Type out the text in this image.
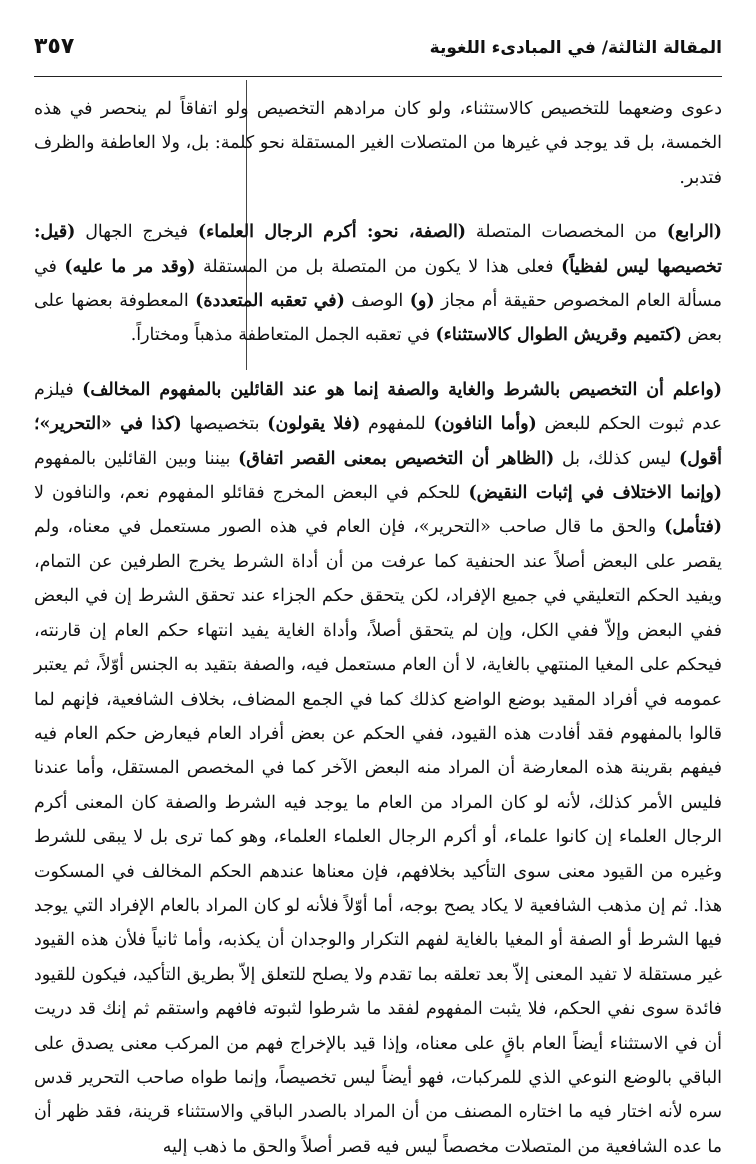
المقالة الثالثة/ في المبادىء اللغوية
٣٥٧

دعوى وضعهما للتخصيص كالاستثناء، ولو كان مرادهم التخصيص ولو اتفاقاً لم ينحصر في هذه الخمسة، بل قد يوجد في غيرها من المتصلات الغير المستقلة نحو كلمة: بل، ولا العاطفة والظرف فتدبر.

(الرابع) من المخصصات المتصلة (الصفة، نحو: أكرم الرجال العلماء) فيخرج الجهال (قيل: تخصيصها ليس لفظياً) فعلى هذا لا يكون من المتصلة بل من المستقلة (وقد مر ما عليه) في مسألة العام المخصوص حقيقة أم مجاز (و) الوصف (في تعقبه المتعددة) المعطوفة بعضها على بعض (كتميم وقريش الطوال كالاستثناء) في تعقبه الجمل المتعاطفة مذهباً ومختاراً.

(واعلم أن التخصيص بالشرط والغاية والصفة إنما هو عند القائلين بالمفهوم المخالف) فيلزم عدم ثبوت الحكم للبعض (وأما النافون) للمفهوم (فلا يقولون) بتخصيصها (كذا في «التحرير»؛ أقول) ليس كذلك، بل (الظاهر أن التخصيص بمعنى القصر اتفاق) بيننا وبين القائلين بالمفهوم (وإنما الاختلاف في إثبات النقيض) للحكم في البعض المخرج فقائلو المفهوم نعم، والنافون لا (فتأمل) والحق ما قال صاحب «التحرير»، فإن العام في هذه الصور مستعمل في معناه، ولم يقصر على البعض أصلاً عند الحنفية كما عرفت من أن أداة الشرط يخرج الطرفين عن التمام، ويفيد الحكم التعليقي في جميع الإفراد، لكن يتحقق حكم الجزاء عند تحقق الشرط إن في البعض ففي البعض وإلاّ ففي الكل، وإن لم يتحقق أصلاً، وأداة الغاية يفيد انتهاء حكم العام إن قارنته، فيحكم على المغيا المنتهي بالغاية، لا أن العام مستعمل فيه، والصفة بتقيد به الجنس أوّلاً، ثم يعتبر عمومه في أفراد المقيد بوضع الواضع كذلك كما في الجمع المضاف، بخلاف الشافعية، فإنهم لما قالوا بالمفهوم فقد أفادت هذه القيود، ففي الحكم عن بعض أفراد العام فيعارض حكم العام فيه فيفهم بقرينة هذه المعارضة أن المراد منه البعض الآخر كما في المخصص المستقل، وأما عندنا فليس الأمر كذلك، لأنه لو كان المراد من العام ما يوجد فيه الشرط والصفة كان المعنى أكرم الرجال العلماء إن كانوا علماء، أو أكرم الرجال العلماء العلماء، وهو كما ترى بل لا يبقى للشرط وغيره من القيود معنى سوى التأكيد بخلافهم، فإن معناها عندهم الحكم المخالف في المسكوت هذا. ثم إن مذهب الشافعية لا يكاد يصح بوجه، أما أوّلاً فلأنه لو كان المراد بالعام الإفراد التي يوجد فيها الشرط أو الصفة أو المغيا بالغاية لفهم التكرار والوجدان أن يكذبه، وأما ثانياً فلأن هذه القيود غير مستقلة لا تفيد المعنى إلاّ بعد تعلقه بما تقدم ولا يصلح للتعلق إلاّ بطريق التأكيد، فيكون للقيود فائدة سوى نفي الحكم، فلا يثبت المفهوم لفقد ما شرطوا لثبوته فافهم واستقم ثم إنك قد دريت أن في الاستثناء أيضاً العام باقٍ على معناه، وإذا قيد بالإخراج فهم من المركب معنى يصدق على الباقي بالوضع النوعي الذي للمركبات، فهو أيضاً ليس تخصيصاً، وإنما طواه صاحب التحرير قدس سره لأنه اختار فيه ما اختاره المصنف من أن المراد بالصدر الباقي والاستثناء قرينة، فقد ظهر أن ما عده الشافعية من المتصلات مخصصاً ليس فيه قصر أصلاً والحق ما ذهب إليه
